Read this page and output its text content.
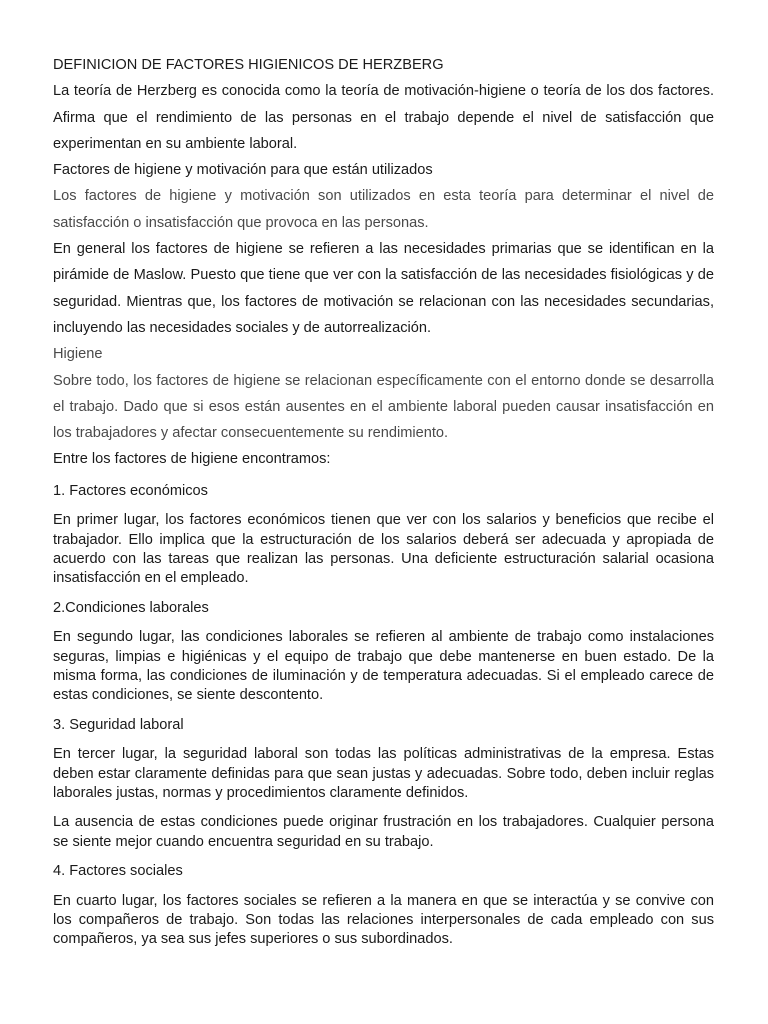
DEFINICION DE FACTORES HIGIENICOS DE HERZBERG

La teoría de Herzberg es conocida como la teoría de motivación-higiene o teoría de los dos factores. Afirma que el rendimiento de las personas en el trabajo depende el nivel de satisfacción que experimentan en su ambiente laboral.

Factores de higiene y motivación para que están utilizados

Los factores de higiene y motivación son utilizados en esta teoría para determinar el nivel de satisfacción o insatisfacción que provoca en las personas.

En general los factores de higiene se refieren a las necesidades primarias que se identifican en la pirámide de Maslow. Puesto que tiene que ver con la satisfacción de las necesidades fisiológicas y de seguridad. Mientras que, los factores de motivación se relacionan con las necesidades secundarias, incluyendo las necesidades sociales y de autorrealización.

Higiene

Sobre todo, los factores de higiene se relacionan específicamente con el entorno donde se desarrolla el trabajo. Dado que si esos están ausentes en el ambiente laboral pueden causar insatisfacción en los trabajadores y afectar consecuentemente su rendimiento.

Entre los factores de higiene encontramos:

1. Factores económicos

En primer lugar, los factores económicos tienen que ver con los salarios y beneficios que recibe el trabajador. Ello implica que la estructuración de los salarios deberá ser adecuada y apropiada de acuerdo con las tareas que realizan las personas. Una deficiente estructuración salarial ocasiona insatisfacción en el empleado.

2.Condiciones laborales

En segundo lugar, las condiciones laborales se refieren al ambiente de trabajo como instalaciones seguras, limpias e higiénicas y el equipo de trabajo que debe mantenerse en buen estado. De la misma forma, las condiciones de iluminación y de temperatura adecuadas. Si el empleado carece de estas condiciones, se siente descontento.

3. Seguridad laboral

En tercer lugar, la seguridad laboral son todas las políticas administrativas de la empresa. Estas deben estar claramente definidas para que sean justas y adecuadas. Sobre todo, deben incluir reglas laborales justas, normas y procedimientos claramente definidos.

La ausencia de estas condiciones puede originar frustración en los trabajadores. Cualquier persona se siente mejor cuando encuentra seguridad en su trabajo.

4. Factores sociales

En cuarto lugar, los factores sociales se refieren a la manera en que se interactúa y se convive con los compañeros de trabajo. Son todas las relaciones interpersonales de cada empleado con sus compañeros, ya sea sus jefes superiores o sus subordinados.
